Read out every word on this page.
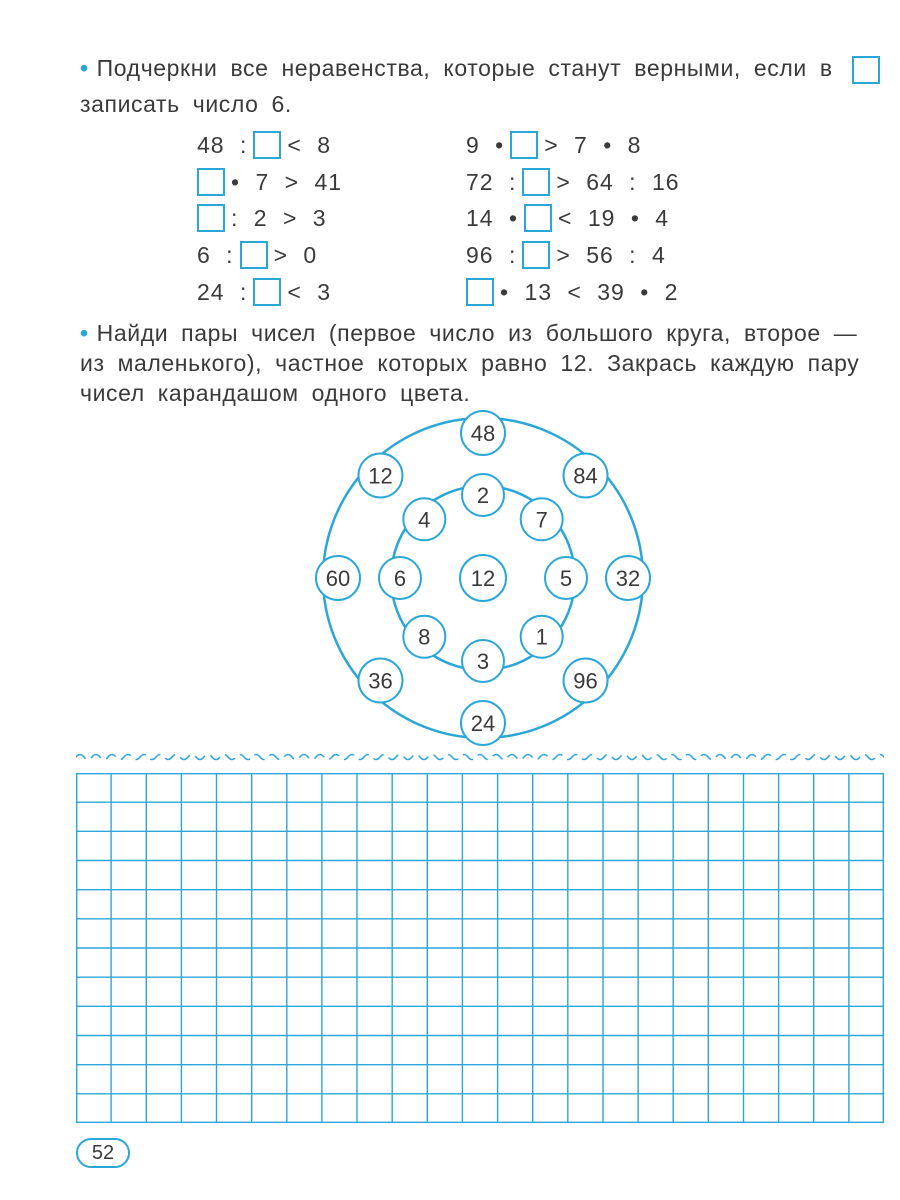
• Подчеркни все неравенства, которые станут верными, если в  записать число 6.
48 : < 8
• 7 > 41
: 2 > 3
6 : > 0
24 : < 3
9 • > 7 • 8
72 : > 64 : 16
14 • < 19 • 4
96 : > 56 : 4
• 13 < 39 • 2
• Найди пары чисел (первое число из большого круга, второе — из маленького), частное которых равно 12. Закрась каждую пару чисел карандашом одного цвета.
48
84
32
96
24
36
60
12
2
7
5
1
3
8
6
4
12
52
